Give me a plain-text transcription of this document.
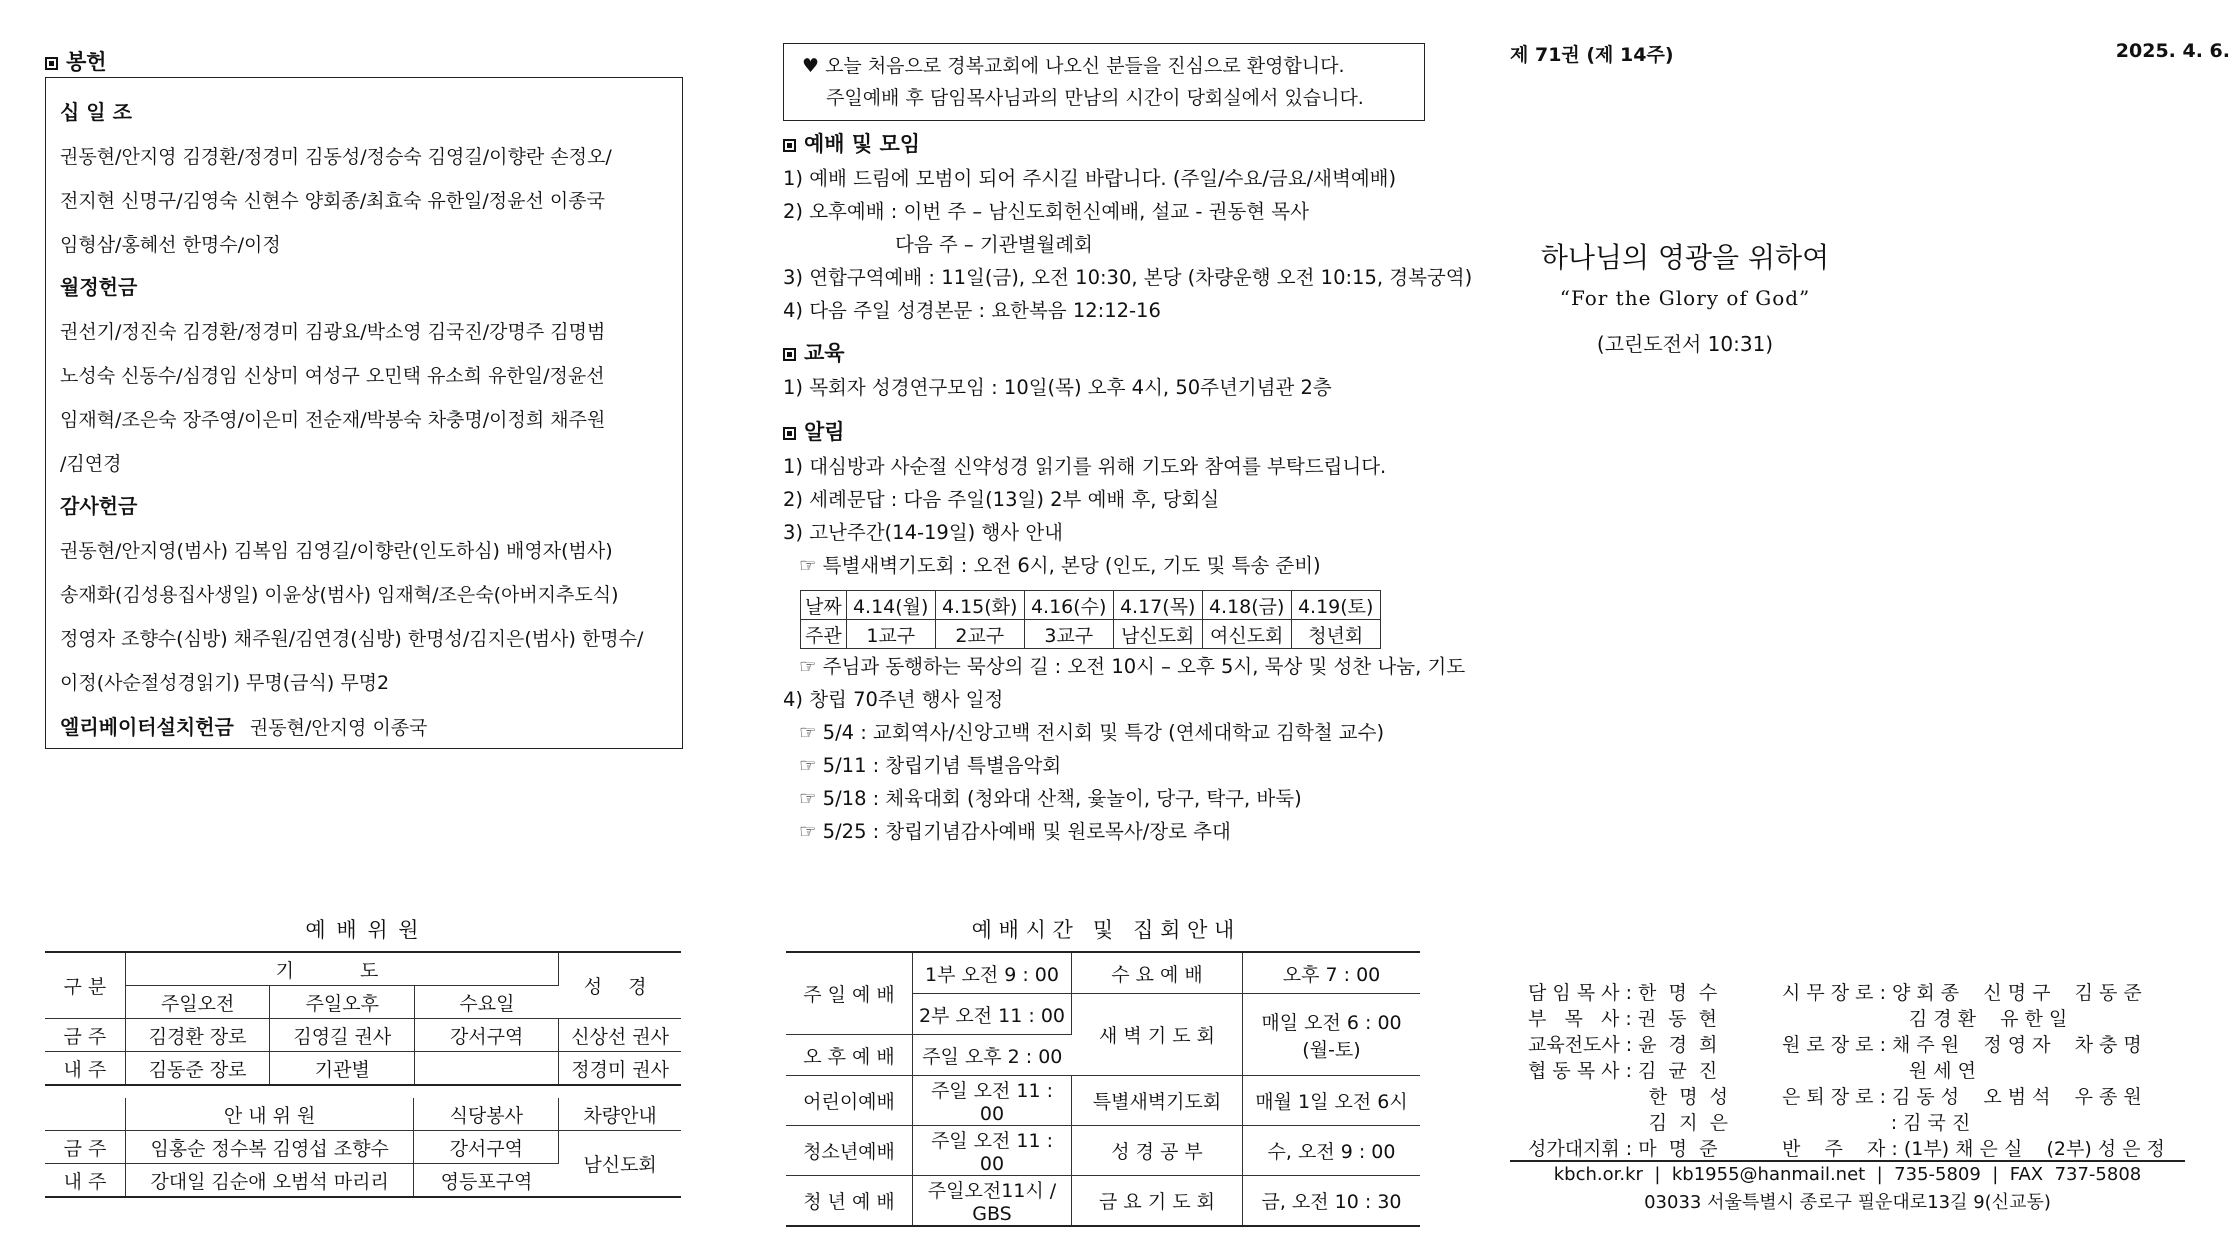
봉헌
십 일 조
권동현/안지영 김경환/정경미 김동성/정승숙 김영길/이향란 손정오/
전지현 신명구/김영숙 신현수 양회종/최효숙 유한일/정윤선 이종국
임형삼/홍혜선 한명수/이정
월정헌금
권선기/정진숙 김경환/정경미 김광요/박소영 김국진/강명주 김명범
노성숙 신동수/심경임 신상미 여성구 오민택 유소희 유한일/정윤선
임재혁/조은숙 장주영/이은미 전순재/박봉숙 차충명/이정희 채주원
/김연경
감사헌금
권동현/안지영(범사) 김복임 김영길/이향란(인도하심) 배영자(범사)
송재화(김성용집사생일) 이윤상(범사) 임재혁/조은숙(아버지추도식)
정영자 조향수(심방) 채주원/김연경(심방) 한명성/김지은(범사) 한명수/
이정(사순절성경읽기) 무명(금식) 무명2
엘리베이터설치헌금 권동현/안지영 이종국
예 배 위 원
구 분	기 도			성 경
	주일오전	주일오후	수요일	
금 주	김경환 장로	김영길 권사	강서구역	신상선 권사
내 주	김동준 장로	기관별		정경미 권사
	안 내 위 원	식당봉사	차량안내
금 주	임홍순 정수복 김영섭 조향수	강서구역	남신도회
내 주	강대일 김순애 오범석 마리리	영등포구역	
♥ 오늘 처음으로 경복교회에 나오신 분들을 진심으로 환영합니다.
주일예배 후 담임목사님과의 만남의 시간이 당회실에서 있습니다.
예배 및 모임
1) 예배 드림에 모범이 되어 주시길 바랍니다. (주일/수요/금요/새벽예배)
2) 오후예배 : 이번 주 – 남신도회헌신예배, 설교 - 권동현 목사
다음 주 – 기관별월례회
3) 연합구역예배 : 11일(금), 오전 10:30, 본당 (차량운행 오전 10:15, 경복궁역)
4) 다음 주일 성경본문 : 요한복음 12:12-16
교육
1) 목회자 성경연구모임 : 10일(목) 오후 4시, 50주년기념관 2층
알림
1) 대심방과 사순절 신약성경 읽기를 위해 기도와 참여를 부탁드립니다.
2) 세례문답 : 다음 주일(13일) 2부 예배 후, 당회실
3) 고난주간(14-19일) 행사 안내
☞ 특별새벽기도회 : 오전 6시, 본당 (인도, 기도 및 특송 준비)
날짜	4.14(월)	4.15(화)	4.16(수)	4.17(목)	4.18(금)	4.19(토)
주관	1교구	2교구	3교구	남신도회	여신도회	청년회
☞ 주님과 동행하는 묵상의 길 : 오전 10시 – 오후 5시, 묵상 및 성찬 나눔, 기도
4) 창립 70주년 행사 일정
☞ 5/4 : 교회역사/신앙고백 전시회 및 특강 (연세대학교 김학철 교수)
☞ 5/11 : 창립기념 특별음악회
☞ 5/18 : 체육대회 (청와대 산책, 윷놀이, 당구, 탁구, 바둑)
☞ 5/25 : 창립기념감사예배 및 원로목사/장로 추대
예 배 시 간   및   집 회 안 내
주 일 예 배	1부 오전 9 : 00	수 요 예 배	오후 7 : 00
	2부 오전 11 : 00	새 벽 기 도 회	매일 오전 6 : 00
(월-토)

오 후 예 배	주일 오후 2 : 00		
어린이예배	주일 오전 11 : 00	특별새벽기도회	매월 1일 오전 6시
청소년예배	주일 오전 11 : 00	성 경 공 부	수, 오전 9 : 00
청 년 예 배	주일오전11시 / GBS	금 요 기 도 회	금, 오전 10 : 30
제 71권 (제 14주)	2025. 4. 6.
하나님의 영광을 위하여
“For the Glory of God”
(고린도전서 10:31)
담 임 목 사 : 한  명  수
부   목   사 : 권  동  현
교육전도사 : 윤  경  희
협 동 목 사 : 김  균  진
한  명  성
김  지  은
성가대지휘 : 마  명  준
시 무 장 로 : 양 회 종    신 명 구    김 동 준
김 경 환    유 한 일
원 로 장 로 : 채 주 원    정 영 자    차 충 명
원 세 연
은 퇴 장 로 : 김 동 성    오 범 석    우 종 원
: 김 국 진
반    주    자 : (1부) 채 은 실    (2부) 성 은 정
kbch.or.kr  |  kb1955@hanmail.net  |  735-5809  |  FAX  737-5808
03033 서울특별시 종로구 필운대로13길 9(신교동)
